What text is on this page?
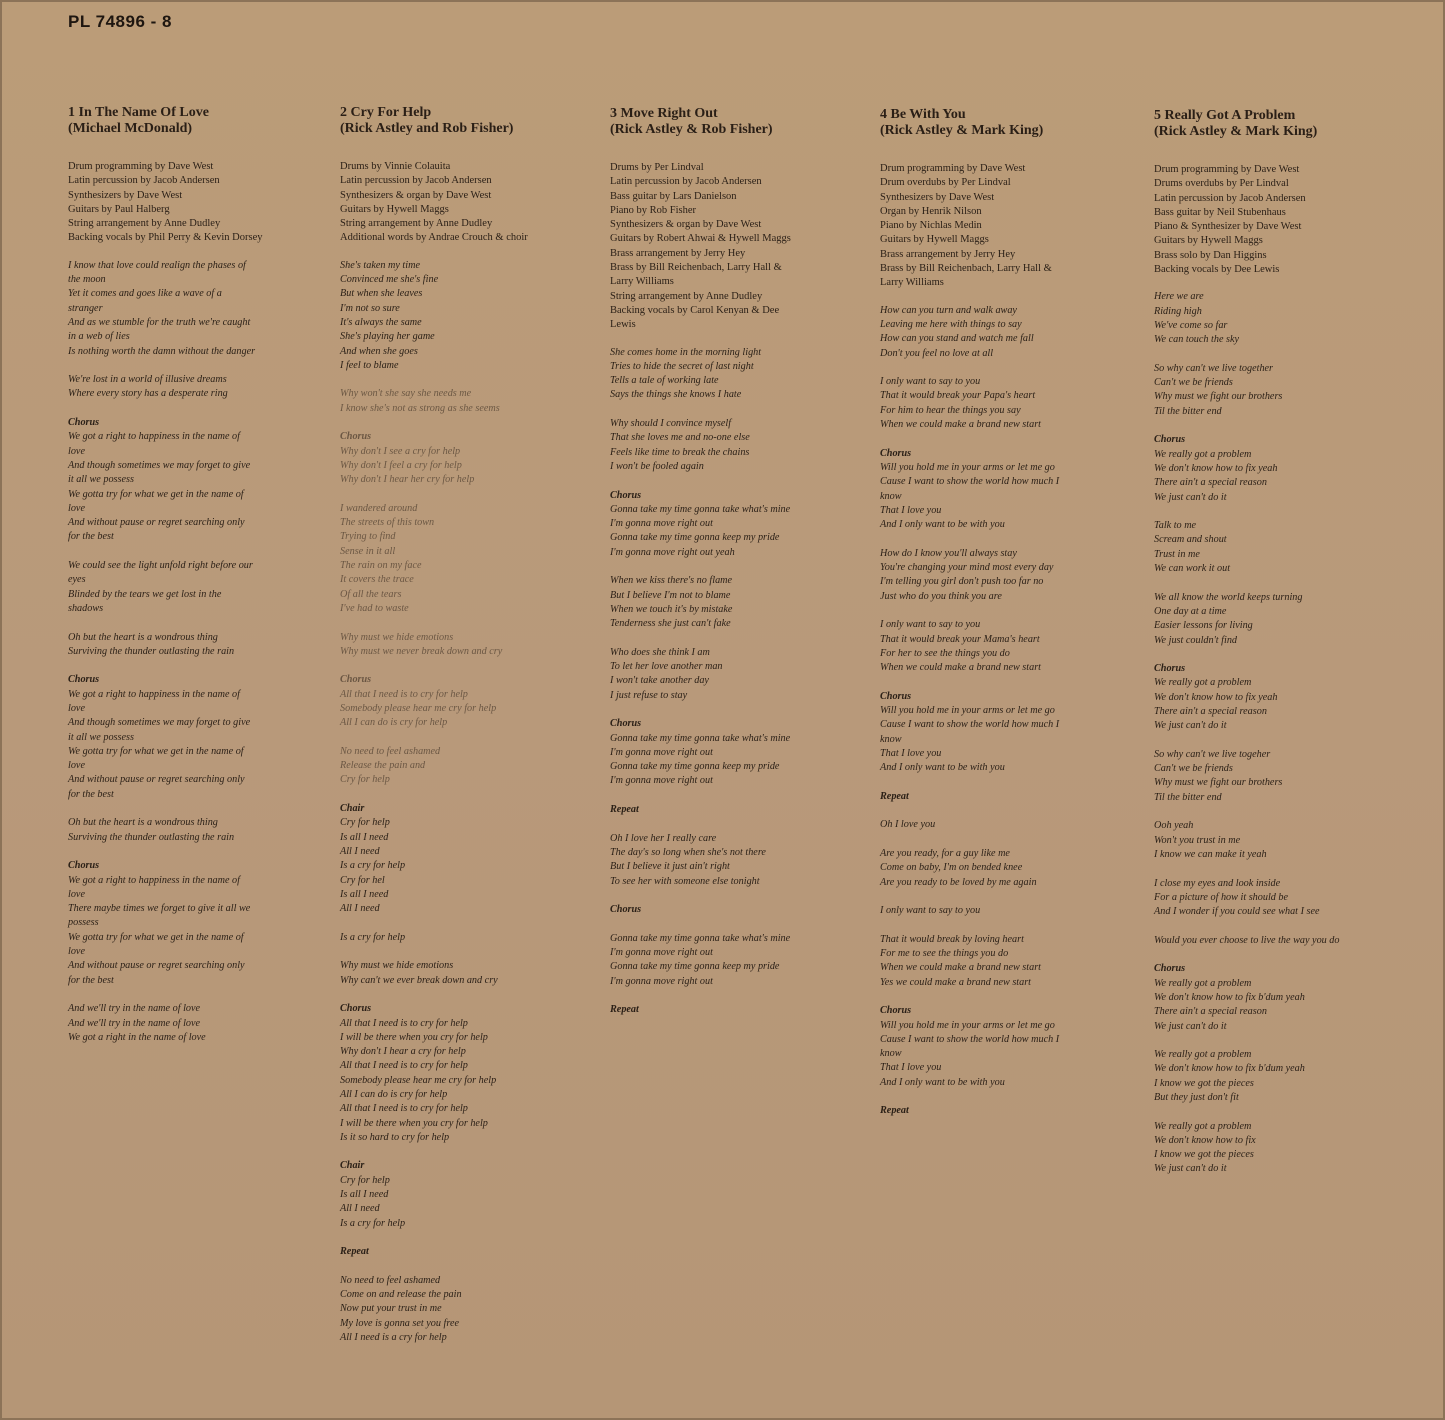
PL 74896 - 8
1 In The Name Of Love
(Michael McDonald)
Drum programming by Dave West
Latin percussion by Jacob Andersen
Synthesizers by Dave West
Guitars by Paul Halberg
String arrangement by Anne Dudley
Backing vocals by Phil Perry & Kevin Dorsey
I know that love could realign the phases of
the moon
Yet it comes and goes like a wave of a
stranger
And as we stumble for the truth we're caught
in a web of lies
Is nothing worth the damn without the danger
We're lost in a world of illusive dreams
Where every story has a desperate ring
Chorus
We got a right to happiness in the name of
love
And though sometimes we may forget to give
it all we possess
We gotta try for what we get in the name of
love
And without pause or regret searching only
for the best
We could see the light unfold right before our
eyes
Blinded by the tears we get lost in the
shadows
Oh but the heart is a wondrous thing
Surviving the thunder outlasting the rain
Chorus
We got a right to happiness in the name of
love
And though sometimes we may forget to give
it all we possess
We gotta try for what we get in the name of
love
And without pause or regret searching only
for the best
Oh but the heart is a wondrous thing
Surviving the thunder outlasting the rain
Chorus
We got a right to happiness in the name of
love
There maybe times we forget to give it all we
possess
We gotta try for what we get in the name of
love
And without pause or regret searching only
for the best
And we'll try in the name of love
And we'll try in the name of love
We got a right in the name of love
2 Cry For Help
(Rick Astley and Rob Fisher)
Drums by Vinnie Colauita
Latin percussion by Jacob Andersen
Synthesizers & organ by Dave West
Guitars by Hywell Maggs
String arrangement by Anne Dudley
Additional words by Andrae Crouch & choir
She's taken my time
Convinced me she's fine
But when she leaves
I'm not so sure
It's always the same
She's playing her game
And when she goes
I feel to blame
Why won't she say she needs me
I know she's not as strong as she seems
Chorus
Why don't I see a cry for help
Why don't I feel a cry for help
Why don't I hear her cry for help
I wandered around
The streets of this town
Trying to find
Sense in it all
The rain on my face
It covers the trace
Of all the tears
I've had to waste
Why must we hide emotions
Why must we never break down and cry
Chorus
All that I need is to cry for help
Somebody please hear me cry for help
All I can do is cry for help
No need to feel ashamed
Release the pain and
Cry for help
Chair
Cry for help
Is all I need
All I need
Is a cry for help
Cry for hel
Is all I need
All I need
Is a cry for help
Why must we hide emotions
Why can't we ever break down and cry
Chorus
All that I need is to cry for help
I will be there when you cry for help
Why don't I hear a cry for help
All that I need is to cry for help
Somebody please hear me cry for help
All I can do is cry for help
All that I need is to cry for help
I will be there when you cry for help
Is it so hard to cry for help
Chair
Cry for help
Is all I need
All I need
Is a cry for help
Repeat
No need to feel ashamed
Come on and release the pain
Now put your trust in me
My love is gonna set you free
All I need is a cry for help
3 Move Right Out
(Rick Astley & Rob Fisher)
Drums by Per Lindval
Latin percussion by Jacob Andersen
Bass guitar by Lars Danielson
Piano by Rob Fisher
Synthesizers & organ by Dave West
Guitars by Robert Ahwai & Hywell Maggs
Brass arrangement by Jerry Hey
Brass by Bill Reichenbach, Larry Hall &
Larry Williams
String arrangement by Anne Dudley
Backing vocals by Carol Kenyan & Dee
Lewis
She comes home in the morning light
Tries to hide the secret of last night
Tells a tale of working late
Says the things she knows I hate
Why should I convince myself
That she loves me and no-one else
Feels like time to break the chains
I won't be fooled again
Chorus
Gonna take my time gonna take what's mine
I'm gonna move right out
Gonna take my time gonna keep my pride
I'm gonna move right out yeah
When we kiss there's no flame
But I believe I'm not to blame
When we touch it's by mistake
Tenderness she just can't fake
Who does she think I am
To let her love another man
I won't take another day
I just refuse to stay
Chorus
Gonna take my time gonna take what's mine
I'm gonna move right out
Gonna take my time gonna keep my pride
I'm gonna move right out
Repeat
Oh I love her I really care
The day's so long when she's not there
But I believe it just ain't right
To see her with someone else tonight
Chorus
Gonna take my time gonna take what's mine
I'm gonna move right out
Gonna take my time gonna keep my pride
I'm gonna move right out
Repeat
4 Be With You
(Rick Astley & Mark King)
Drum programming by Dave West
Drum overdubs by Per Lindval
Synthesizers by Dave West
Organ by Henrik Nilson
Piano by Nichlas Medin
Guitars by Hywell Maggs
Brass arrangement by Jerry Hey
Brass by Bill Reichenbach, Larry Hall &
Larry Williams
How can you turn and walk away
Leaving me here with things to say
How can you stand and watch me fall
Don't you feel no love at all
I only want to say to you
That it would break your Papa's heart
For him to hear the things you say
When we could make a brand new start
Chorus
Will you hold me in your arms or let me go
Cause I want to show the world how much I
know
That I love you
And I only want to be with you
How do I know you'll always stay
You're changing your mind most every day
I'm telling you girl don't push too far no
Just who do you think you are
I only want to say to you
That it would break your Mama's heart
For her to see the things you do
When we could make a brand new start
Chorus
Will you hold me in your arms or let me go
Cause I want to show the world how much I
know
That I love you
And I only want to be with you
Repeat
Oh I love you
Are you ready, for a guy like me
Come on baby, I'm on bended knee
Are you ready to be loved by me again
I only want to say to you
That it would break by loving heart
For me to see the things you do
When we could make a brand new start
Yes we could make a brand new start
Chorus
Will you hold me in your arms or let me go
Cause I want to show the world how much I
know
That I love you
And I only want to be with you
Repeat
5 Really Got A Problem
(Rick Astley & Mark King)
Drum programming by Dave West
Drums overdubs by Per Lindval
Latin percussion by Jacob Andersen
Bass guitar by Neil Stubenhaus
Piano & Synthesizer by Dave West
Guitars by Hywell Maggs
Brass solo by Dan Higgins
Backing vocals by Dee Lewis
Here we are
Riding high
We've come so far
We can touch the sky
So why can't we live together
Can't we be friends
Why must we fight our brothers
Til the bitter end
Chorus
We really got a problem
We don't know how to fix yeah
There ain't a special reason
We just can't do it
Talk to me
Scream and shout
Trust in me
We can work it out
We all know the world keeps turning
One day at a time
Easier lessons for living
We just couldn't find
Chorus
We really got a problem
We don't know how to fix yeah
There ain't a special reason
We just can't do it
So why can't we live togeher
Can't we be friends
Why must we fight our brothers
Til the bitter end
Ooh yeah
Won't you trust in me
I know we can make it yeah
I close my eyes and look inside
For a picture of how it should be
And I wonder if you could see what I see
Would you ever choose to live the way you do
Chorus
We really got a problem
We don't know how to fix b'dum yeah
There ain't a special reason
We just can't do it
We really got a problem
We don't know how to fix b'dum yeah
I know we got the pieces
But they just don't fit
We really got a problem
We don't know how to fix
I know we got the pieces
We just can't do it
